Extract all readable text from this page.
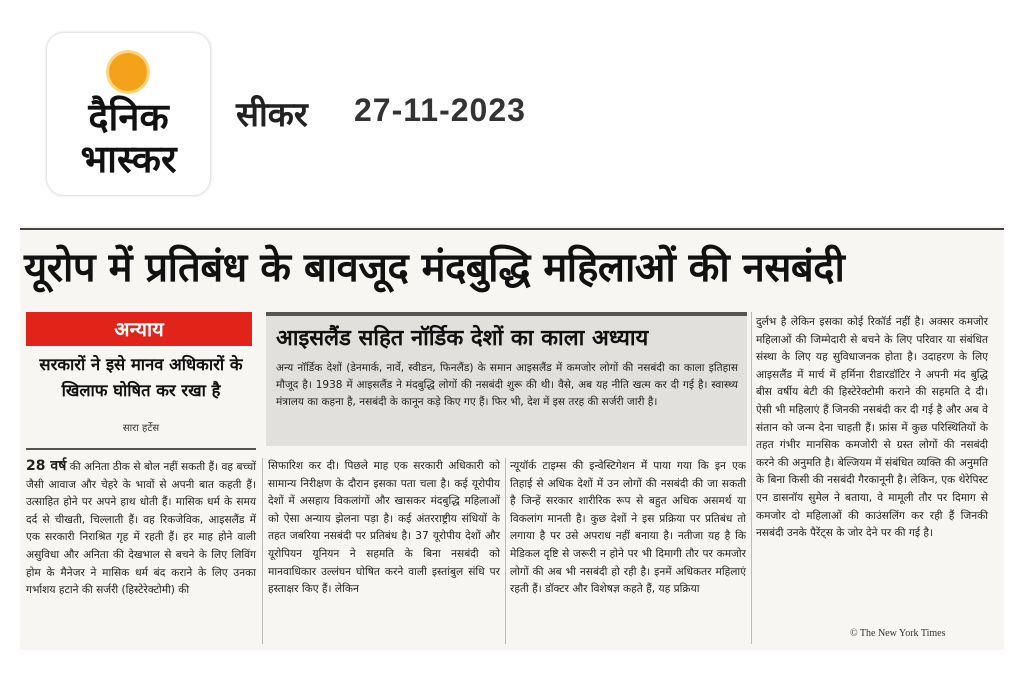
दैनिक
भास्कर
सीकर 27-11-2023
यूरोप में प्रतिबंध के बावजूद मंदबुद्धि महिलाओं की नसबंदी
अन्याय
सरकारों ने इसे मानव अधिकारों के खिलाफ घोषित कर रखा है
सारा हर्टेस
आइसलैंड सहित नॉर्डिक देशों का काला अध्याय
अन्य नॉर्डिक देशों (डेनमार्क, नार्वे, स्वीडन, फिनलैंड) के समान आइसलैंड में कमजोर लोगों की नसबंदी का काला इतिहास मौजूद है। 1938 में आइसलैंड ने मंदबुद्धि लोगों की नसबंदी शुरू की थी। वैसे, अब यह नीति खत्म कर दी गई है। स्वास्थ्य मंत्रालय का कहना है, नसबंदी के कानून कड़े किए गए हैं। फिर भी, देश में इस तरह की सर्जरी जारी है।
28 वर्ष की अनिता ठीक से बोल नहीं सकती हैं। वह बच्चों जैसी आवाज और चेहरे के भावों से अपनी बात कहती हैं। उत्साहित होने पर अपने हाथ धोती हैं। मासिक धर्म के समय दर्द से चीखती, चिल्लाती हैं। वह रिकजेविक, आइसलैंड में एक सरकारी निराश्रित गृह में रहती हैं। हर माह होने वाली असुविधा और अनिता की देखभाल से बचने के लिए लिविंग होम के मैनेजर ने मासिक धर्म बंद कराने के लिए उनका गर्भाशय हटाने की सर्जरी (हिस्टेरेक्टोमी) की
सिफारिश कर दी। पिछले माह एक सरकारी अधिकारी को सामान्य निरीक्षण के दौरान इसका पता चला है। कई यूरोपीय देशों में असहाय विकलांगों और खासकर मंदबुद्धि महिलाओं को ऐसा अन्याय झेलना पड़ा है। कई अंतरराष्ट्रीय संधियों के तहत जबरिया नसबंदी पर प्रतिबंध है। 37 यूरोपीय देशों और यूरोपियन यूनियन ने सहमति के बिना नसबंदी को मानवाधिकार उल्लंघन घोषित करने वाली इस्तांबुल संधि पर हस्ताक्षर किए हैं। लेकिन
न्यूयॉर्क टाइम्स की इन्वेस्टिगेशन में पाया गया कि इन एक तिहाई से अधिक देशों में उन लोगों की नसबंदी की जा सकती है जिन्हें सरकार शारीरिक रूप से बहुत अधिक असमर्थ या विकलांग मानती है। कुछ देशों ने इस प्रक्रिया पर प्रतिबंध तो लगाया है पर उसे अपराध नहीं बनाया है। नतीजा यह है कि मेडिकल दृष्टि से जरूरी न होने पर भी दिमागी तौर पर कमजोर लोगों की अब भी नसबंदी हो रही है। इनमें अधिकतर महिलाएं रहती हैं। डॉक्टर और विशेषज्ञ कहते हैं, यह प्रक्रिया
दुर्लभ है लेकिन इसका कोई रिकॉर्ड नहीं है। अक्सर कमजोर महिलाओं की जिम्मेदारी से बचने के लिए परिवार या संबंधित संस्था के लिए यह सुविधाजनक होता है। उदाहरण के लिए आइसलैंड में मार्च में हर्मिना रीडारडॉटिर ने अपनी मंद बुद्धि बीस वर्षीय बेटी की हिस्टेरेक्टोमी कराने की सहमति दे दी। ऐसी भी महिलाएं हैं जिनकी नसबंदी कर दी गई है और अब वे संतान को जन्म देना चाहती हैं। फ्रांस में कुछ परिस्थितियों के तहत गंभीर मानसिक कमजोरी से ग्रस्त लोगों की नसबंदी करने की अनुमति है। बेल्जियम में संबंधित व्यक्ति की अनुमति के बिना किसी की नसबंदी गैरकानूनी है। लेकिन, एक थेरेपिस्ट एन डासनॉय सुमेल ने बताया, वे मामूली तौर पर दिमाग से कमजोर दो महिलाओं की काउंसलिंग कर रही हैं जिनकी नसबंदी उनके पैरेंट्स के जोर देने पर की गई है।
© The New York Times
